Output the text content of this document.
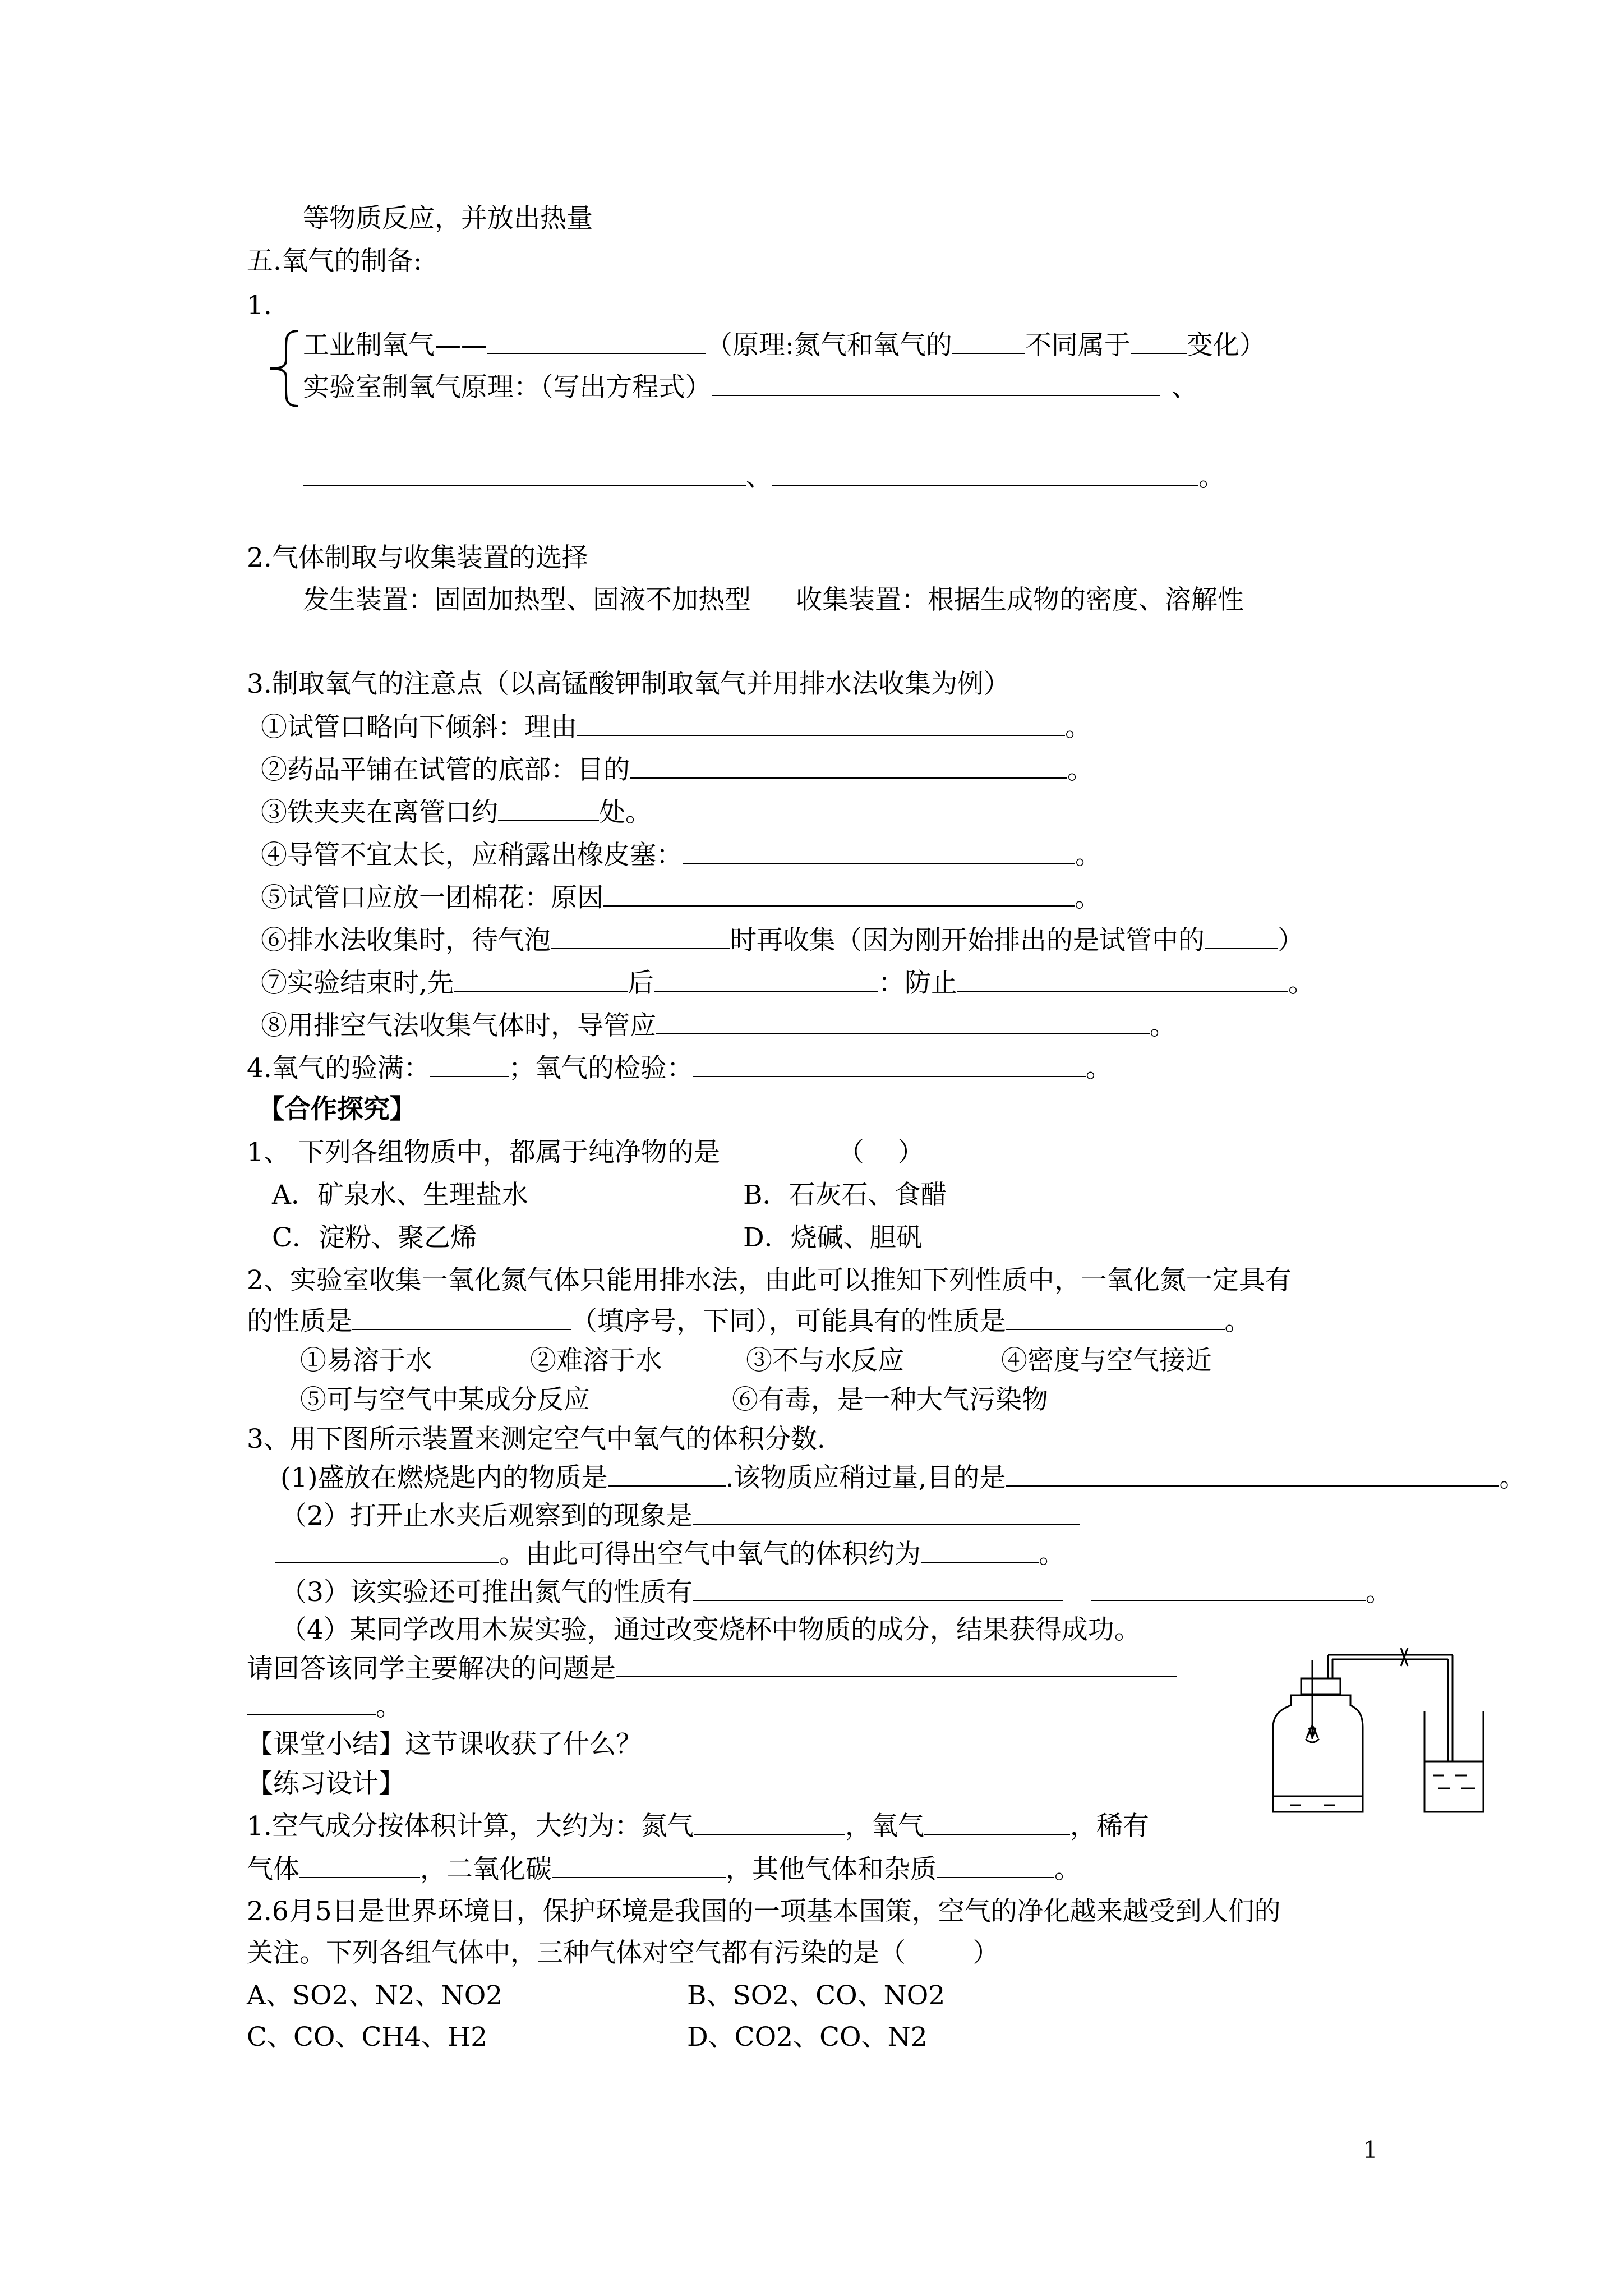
等物质反应，并放出热量
五.氧气的制备:
1.
工业制氧气——	（原理:氮气和氧气的	不同属于 变化）
实验室制氧气原理：（写出方程式）	、
、	。
2.气体制取与收集装置的选择
发生装置：固固加热型、固液不加热型 收集装置：根据生成物的密度、溶解性
3.制取氧气的注意点（以高锰酸钾制取氧气并用排水法收集为例）
①试管口略向下倾斜：理由	。
②药品平铺在试管的底部：目的	。
③铁夹夹在离管口约	处。
④导管不宜太长，应稍露出橡皮塞：	。
⑤试管口应放一团棉花：原因	。
⑥排水法收集时，待气泡	时再收集（因为刚开始排出的是试管中的	）
⑦实验结束时,先	后	：防止	。
⑧用排空气法收集气体时，导管应	。
4.氧气的验满：	；氧气的检验：	。
【合作探究】
1、 下列各组物质中，都属于纯净物的是	（    ）
A．矿泉水、生理盐水	B．石灰石、食醋
C．淀粉、聚乙烯	D．烧碱、胆矾
2、实验室收集一氧化氮气体只能用排水法，由此可以推知下列性质中，一氧化氮一定具有
的性质是	（填序号，下同），可能具有的性质是	。
①易溶于水	②难溶于水	③不与水反应	④密度与空气接近
⑤可与空气中某成分反应	⑥有毒，是一种大气污染物
3、用下图所示装置来测定空气中氧气的体积分数.
(1)盛放在燃烧匙内的物质是	.该物质应稍过量,目的是	。
（2）打开止水夹后观察到的现象是
。由此可得出空气中氧气的体积约为	。
（3）该实验还可推出氮气的性质有	。
（4）某同学改用木炭实验，通过改变烧杯中物质的成分，结果获得成功。
请回答该同学主要解决的问题是
。
【课堂小结】这节课收获了什么？
【练习设计】
1.空气成分按体积计算，大约为：氮气	，氧气	，稀有
气体	，二氧化碳	，其他气体和杂质	。
2.6月5日是世界环境日，保护环境是我国的一项基本国策，空气的净化越来越受到人们的
关注。下列各组气体中，三种气体对空气都有污染的是（        ）
A、SO2、N2、NO2	B、SO2、CO、NO2
C、CO、CH4、H2	D、CO2、CO、N2
1
